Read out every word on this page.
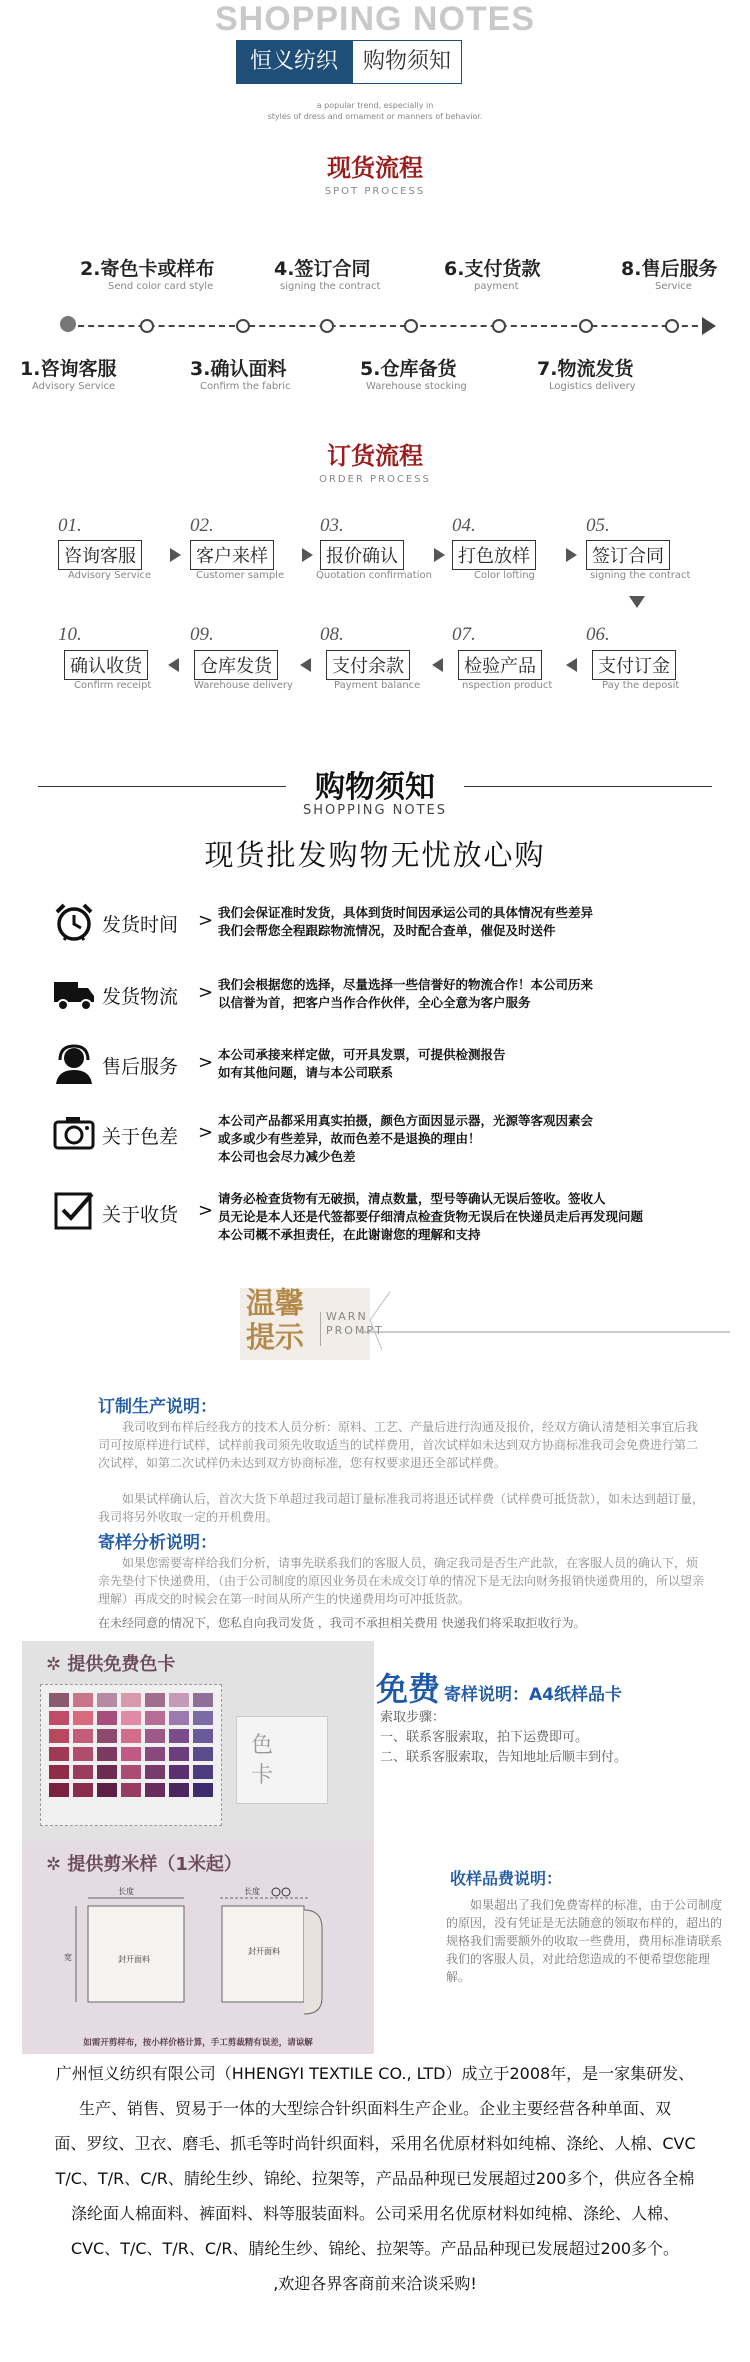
SHOPPING NOTES
恒义纺织	购物须知
a popular trend, especially in
styles of dress and ornament or manners of behavior.
现货流程
SPOT PROCESS
2.寄色卡或样布
Send color card style
4.签订合同
signing the contract
6.支付货款
payment
8.售后服务
Service
1.咨询客服
Advisory Service
3.确认面料
Confirm the fabric
5.仓库备货
Warehouse stocking
7.物流发货
Logistics delivery
订货流程
ORDER PROCESS
01.
咨询客服
Advisory Service
02.
客户来样
Customer sample
03.
报价确认
Quotation confirmation
04.
打色放样
Color lofting
05.
签订合同
signing the contract
10.
确认收货
Confirm receipt
09.
仓库发货
Warehouse delivery
08.
支付余款
Payment balance
07.
检验产品
nspection product
06.
支付订金
Pay the deposit
购物须知
SHOPPING NOTES
现货批发购物无忧放心购
发货时间 > 我们会保证准时发货，具体到货时间因承运公司的具体情况有些差异
我们会帮您全程跟踪物流情况，及时配合查单，催促及时送件
发货物流 > 我们会根据您的选择，尽量选择一些信誉好的物流合作！本公司历来
以信誉为首，把客户当作合作伙伴，全心全意为客户服务
售后服务 > 本公司承接来样定做，可开具发票，可提供检测报告
如有其他问题，请与本公司联系
关于色差 >
本公司产品都采用真实拍摄，颜色方面因显示器，光源等客观因素会
或多或少有些差异，故而色差不是退换的理由！
本公司也会尽力减少色差
关于收货 >
请务必检查货物有无破损，清点数量，型号等确认无误后签收。签收人
员无论是本人还是代签都要仔细清点检查货物无误后在快递员走后再发现问题
本公司概不承担责任，在此谢谢您的理解和支持
温馨
提示
WARN
PROMPT
订制生产说明：
我司收到布样后经我方的技术人员分析：原料、工艺、产量后进行沟通及报价，经双方确认清楚相关事宜后我司可按原样进行试样，试样前我司须先收取适当的试样费用，首次试样如未达到双方协商标准我司会免费进行第二次试样，如第二次试样仍未达到双方协商标准，您有权要求退还全部试样费。
如果试样确认后，首次大货下单超过我司超订量标准我司将退还试样费（试样费可抵货款），如未达到超订量，我司将另外收取一定的开机费用。
寄样分析说明：
如果您需要寄样给我们分析，请事先联系我们的客服人员，确定我司是否生产此款，在客服人员的确认下，烦亲先垫付下快递费用，（由于公司制度的原因业务员在未成交订单的情况下是无法向财务报销快递费用的，所以望亲理解）再成交的时候会在第一时间从所产生的快递费用均可冲抵货款。
在未经同意的情况下，您私自向我司发货 ，我司不承担相关费用 快递我们将采取拒收行为。
✲ 提供免费色卡
色
卡
✲ 提供剪米样（1米起）
长度
宽	封开面料
长度
封开面料
如需开剪样布，按小样价格计算，手工剪裁精有误差，请谅解
免费 寄样说明：A4纸样品卡
索取步骤：
一、联系客服索取，拍下运费即可。
二、联系客服索取，告知地址后顺丰到付。
收样品费说明：
如果超出了我们免费寄样的标准，由于公司制度的原因，没有凭证是无法随意的领取布样的，超出的规格我们需要额外的收取一些费用，费用标准请联系我们的客服人员，对此给您造成的不便希望您能理解。
广州恒义纺织有限公司（HHENGYI TEXTILE CO., LTD）成立于2008年，是一家集研发、
生产、销售、贸易于一体的大型综合针织面料生产企业。企业主要经营各种单面、双
面、罗纹、卫衣、磨毛、抓毛等时尚针织面料，采用名优原材料如纯棉、涤纶、人棉、CVC
T/C、T/R、C/R、腈纶生纱、锦纶、拉架等，产品品种现已发展超过200多个，供应各全棉
涤纶面人棉面料、裤面料、料等服装面料。公司采用名优原材料如纯棉、涤纶、人棉、
CVC、T/C、T/R、C/R、腈纶生纱、锦纶、拉架等。产品品种现已发展超过200多个。
,欢迎各界客商前来洽谈采购!
